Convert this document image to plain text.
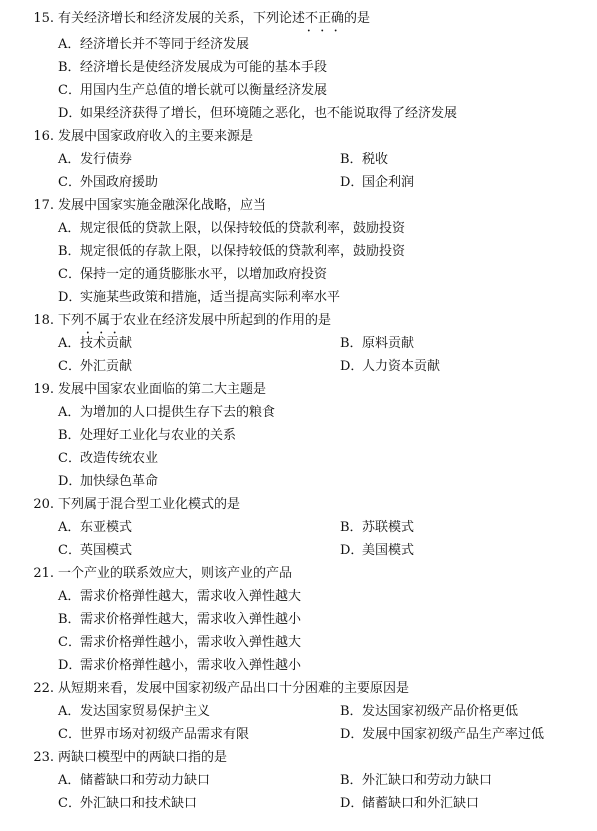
15. 有关经济增长和经济发展的关系，下列论述不正确 • • •的是
A．经济增长并不等同于经济发展
B．经济增长是使经济发展成为可能的基本手段
C．用国内生产总值的增长就可以衡量经济发展
D．如果经济获得了增长，但环境随之恶化，也不能说取得了经济发展
16. 发展中国家政府收入的主要来源是
A．发行债券	B．税收
C．外国政府援助	D．国企利润
17. 发展中国家实施金融深化战略，应当
A．规定很低的贷款上限，以保持较低的贷款利率，鼓励投资
B．规定很低的存款上限，以保持较低的贷款利率，鼓励投资
C．保持一定的通货膨胀水平，以增加政府投资
D．实施某些政策和措施，适当提高实际利率水平
18. 下列不属于 • • •农业在经济发展中所起到的作用的是
A．技术贡献	B．原料贡献
C．外汇贡献	D．人力资本贡献
19. 发展中国家农业面临的第二大主题是
A．为增加的人口提供生存下去的粮食
B．处理好工业化与农业的关系
C．改造传统农业
D．加快绿色革命
20. 下列属于混合型工业化模式的是
A．东亚模式	B．苏联模式
C．英国模式	D．美国模式
21. 一个产业的联系效应大，则该产业的产品
A．需求价格弹性越大，需求收入弹性越大
B．需求价格弹性越大，需求收入弹性越小
C．需求价格弹性越小，需求收入弹性越大
D．需求价格弹性越小，需求收入弹性越小
22. 从短期来看，发展中国家初级产品出口十分困难的主要原因是
A．发达国家贸易保护主义	B．发达国家初级产品价格更低
C．世界市场对初级产品需求有限	D．发展中国家初级产品生产率过低
23. 两缺口模型中的两缺口指的是
A．储蓄缺口和劳动力缺口	B．外汇缺口和劳动力缺口
C．外汇缺口和技术缺口	D．储蓄缺口和外汇缺口
